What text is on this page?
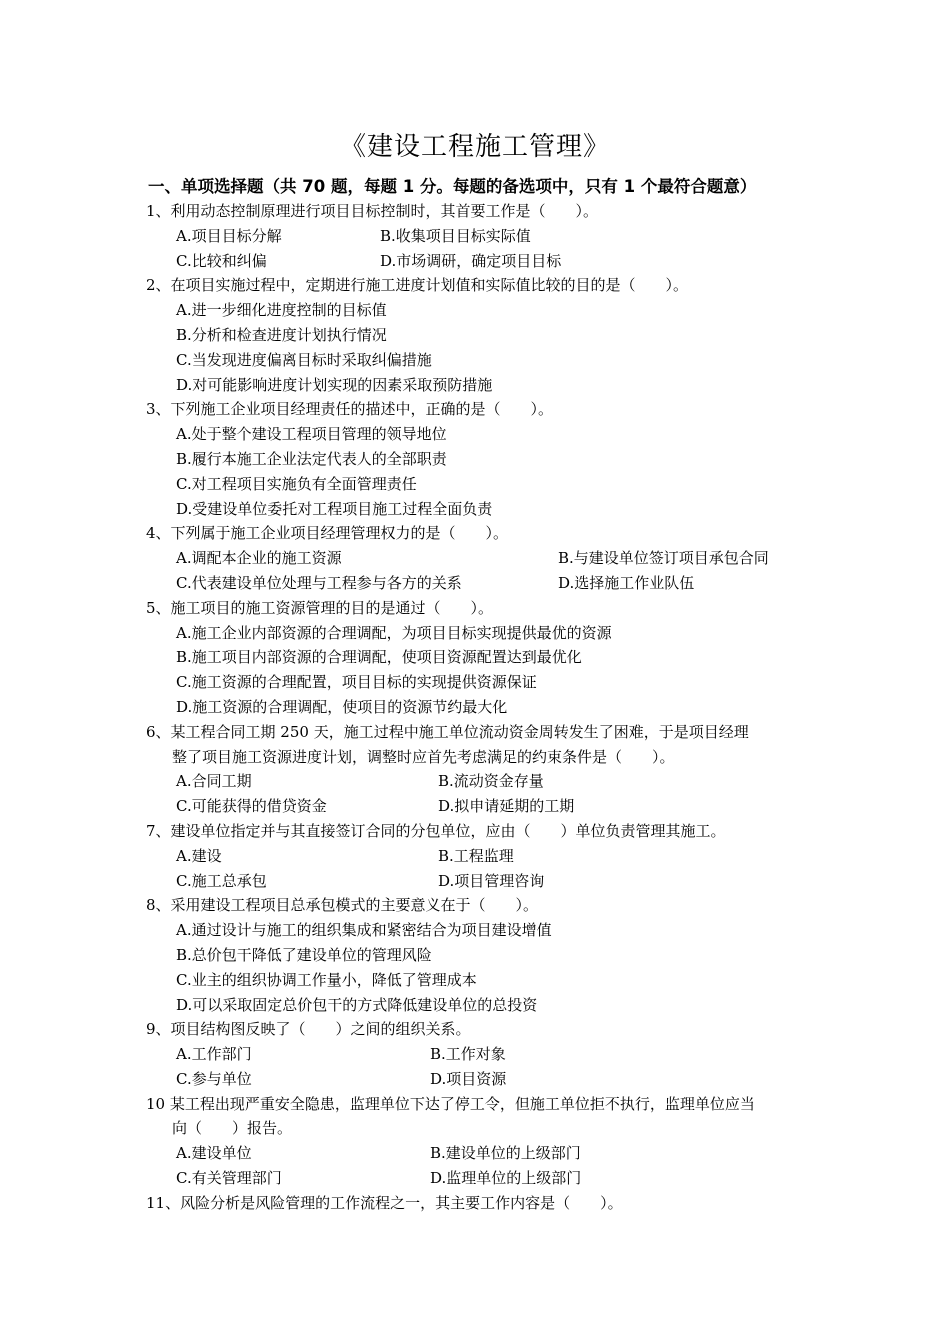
《建设工程施工管理》
一、单项选择题（共 70 题，每题 1 分。每题的备选项中，只有 1 个最符合题意）
1、利用动态控制原理进行项目目标控制时，其首要工作是（　　）。
A.项目目标分解	B.收集项目目标实际值
C.比较和纠偏	D.市场调研，确定项目目标
2、在项目实施过程中，定期进行施工进度计划值和实际值比较的目的是（　　）。
A.进一步细化进度控制的目标值
B.分析和检查进度计划执行情况
C.当发现进度偏离目标时采取纠偏措施
D.对可能影响进度计划实现的因素采取预防措施
3、下列施工企业项目经理责任的描述中，正确的是（　　）。
A.处于整个建设工程项目管理的领导地位
B.履行本施工企业法定代表人的全部职责
C.对工程项目实施负有全面管理责任
D.受建设单位委托对工程项目施工过程全面负责
4、下列属于施工企业项目经理管理权力的是（　　）。
A.调配本企业的施工资源	B.与建设单位签订项目承包合同
C.代表建设单位处理与工程参与各方的关系	D.选择施工作业队伍
5、施工项目的施工资源管理的目的是通过（　　）。
A.施工企业内部资源的合理调配，为项目目标实现提供最优的资源
B.施工项目内部资源的合理调配，使项目资源配置达到最优化
C.施工资源的合理配置，项目目标的实现提供资源保证
D.施工资源的合理调配，使项目的资源节约最大化
6、某工程合同工期 250 天，施工过程中施工单位流动资金周转发生了困难，于是项目经理
整了项目施工资源进度计划，调整时应首先考虑满足的约束条件是（　　）。
A.合同工期	B.流动资金存量
C.可能获得的借贷资金	D.拟申请延期的工期
7、建设单位指定并与其直接签订合同的分包单位，应由（　　）单位负责管理其施工。
A.建设	B.工程监理
C.施工总承包	D.项目管理咨询
8、采用建设工程项目总承包模式的主要意义在于（　　）。
A.通过设计与施工的组织集成和紧密结合为项目建设增值
B.总价包干降低了建设单位的管理风险
C.业主的组织协调工作量小，降低了管理成本
D.可以采取固定总价包干的方式降低建设单位的总投资
9、项目结构图反映了（　　）之间的组织关系。
A.工作部门	B.工作对象
C.参与单位	D.项目资源
10 某工程出现严重安全隐患，监理单位下达了停工令，但施工单位拒不执行，监理单位应当
向（　　）报告。
A.建设单位	B.建设单位的上级部门
C.有关管理部门	D.监理单位的上级部门
11、风险分析是风险管理的工作流程之一，其主要工作内容是（　　）。
